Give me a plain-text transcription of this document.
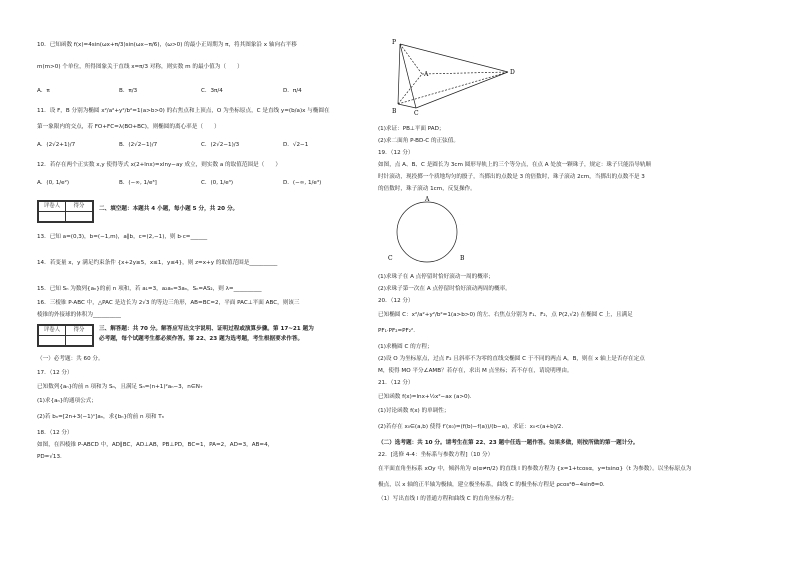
10．已知函数 f(x)=4sin(ωx+π/3)sin(ωx−π/6)，(ω>0) 的最小正周期为 π，将其图象沿 x 轴向右平移
m(m>0) 个单位，所得图象关于直线 x=π/3 对称，则实数 m 的最小值为（　　）
A．π	B．π/3	C．3π/4	D．π/4
11．设 F，B 分别为椭圆 x²/a²+y²/b²=1(a>b>0) 的右焦点和上顶点，O 为坐标原点，C 是直线 y=(b/a)x 与椭圆在
第一象限内的交点，若 FO+FC=λ(BO+BC)，则椭圆的离心率是（　　）
A．(2√2+1)/7	B．(2√2−1)/7	C．(2√2−1)/3	D．√2−1
12．若存在两个正实数 x,y 使得等式 x(2+lnx)=xlny−ay 成立，则实数 a 的取值范围是（　　）
A．(0, 1/e²)	B．(−∞, 1/e³]	C．(0, 1/e³)	D．(−∞, 1/e³)
评卷人	得分

二、填空题：本题共 4 小题，每小题 5 分，共 20 分。
13．已知 a=(0,3)，b=(−1,m)，a∥b，c=(2,−1)，则 b·c=______
14．若变量 x，y 满足约束条件 {x+2y≥5，x≤1，y≤4}，则 z=x+y 的取值范围是__________
15．已知 Sₙ 为数列{aₙ}的前 n 项和，若 a₁=3，a₂aₙ=3aₙ，Sₙ=AS₂，则 λ=__________
16．三棱锥 P-ABC 中，△PAC 是边长为 2√3 的等边三角形，AB=BC=2，平面 PAC⊥平面 ABC，则该三
棱锥的外接球的体积为__________
评卷人	得分
		三、解答题：共 70 分。解答应写出文字说明、证明过程或演算步骤。第 17~21 题为
必考题，每个试题考生都必须作答。第 22、23 题为选考题，考生根据要求作答。
（一）必考题：共 60 分。
17．（12 分）
已知数列{aₙ}的前 n 项和为 Sₙ，且满足 Sₙ=(n+1)²aₙ−3，n∈N₊
(1)求{aₙ}的通项公式；
(2)若 bₙ=[2n+3(−1)ⁿ]aₙ，求{bₙ}的前 n 项和 Tₙ
18．（12 分）
如图，在四棱锥 P-ABCD 中，AD∥BC，AD⊥AB，PB⊥PD，BC=1，PA=2，AD=3，AB=4，
PD=√13.
P
A
B	C
D
(1)求证：PB⊥平面 PAD；
(2)求二面角 P-BD-C 的正弦值。
19．（12 分）
如图，点 A、B、C 是圆长为 3cm 圆形导轨上的三个等分点，在点 A 处放一颗珠子，规定：珠子只能沿导轨顺
时针滚动，现投掷一个质地均匀的骰子，当掷出的点数是 3 的倍数时，珠子滚动 2cm，当掷出的点数不是 3
的倍数时，珠子滚动 1cm，反复操作。
A
C	B
(1)求珠子在 A 点停留时恰好滚动一周的概率；
(2)求珠子第一次在 A 点停留时恰好滚动两周的概率。
20．（12 分）
已知椭圆 C：x²/a²+y²/b²=1(a>b>0) 的左、右焦点分别为 F₁、F₂，点 P(2,√2) 在椭圆 C 上，且满足
PF₁·PF₂=PF₂².
(1)求椭圆 C 的方程；
(2)设 O 为坐标原点，过点 F₂ 且斜率不为零的直线交椭圆 C 于不同的两点 A，B，则在 x 轴上是否存在定点
M，使得 MO 平分∠AMB？若存在，求出 M 点坐标；若不存在，请说明理由。
21．（12 分）
已知函数 f(x)=lnx+½x²−ax (a>0).
(1)讨论函数 f(x) 的单调性；
(2)若存在 x₀∈(a,b) 使得 f′(x₀)=(f(b)−f(a))/(b−a)，求证：x₀<(a+b)/2.
（二）选考题：共 10 分。请考生在第 22、23 题中任选一题作答。如果多做，则按所做的第一题计分。
22．[选修 4-4：坐标系与参数方程]（10 分）
在平面直角坐标系 xOy 中，倾斜角为 α(α≠π/2) 的直线 l 的参数方程为 {x=1+tcosα，y=tsinα}（t 为参数）。以坐标原点为
极点，以 x 轴的正半轴为极轴，建立极坐标系，曲线 C 的极坐标方程是 ρcos²θ−4sinθ=0.
（1）写出直线 l 的普通方程和曲线 C 的直角坐标方程；
